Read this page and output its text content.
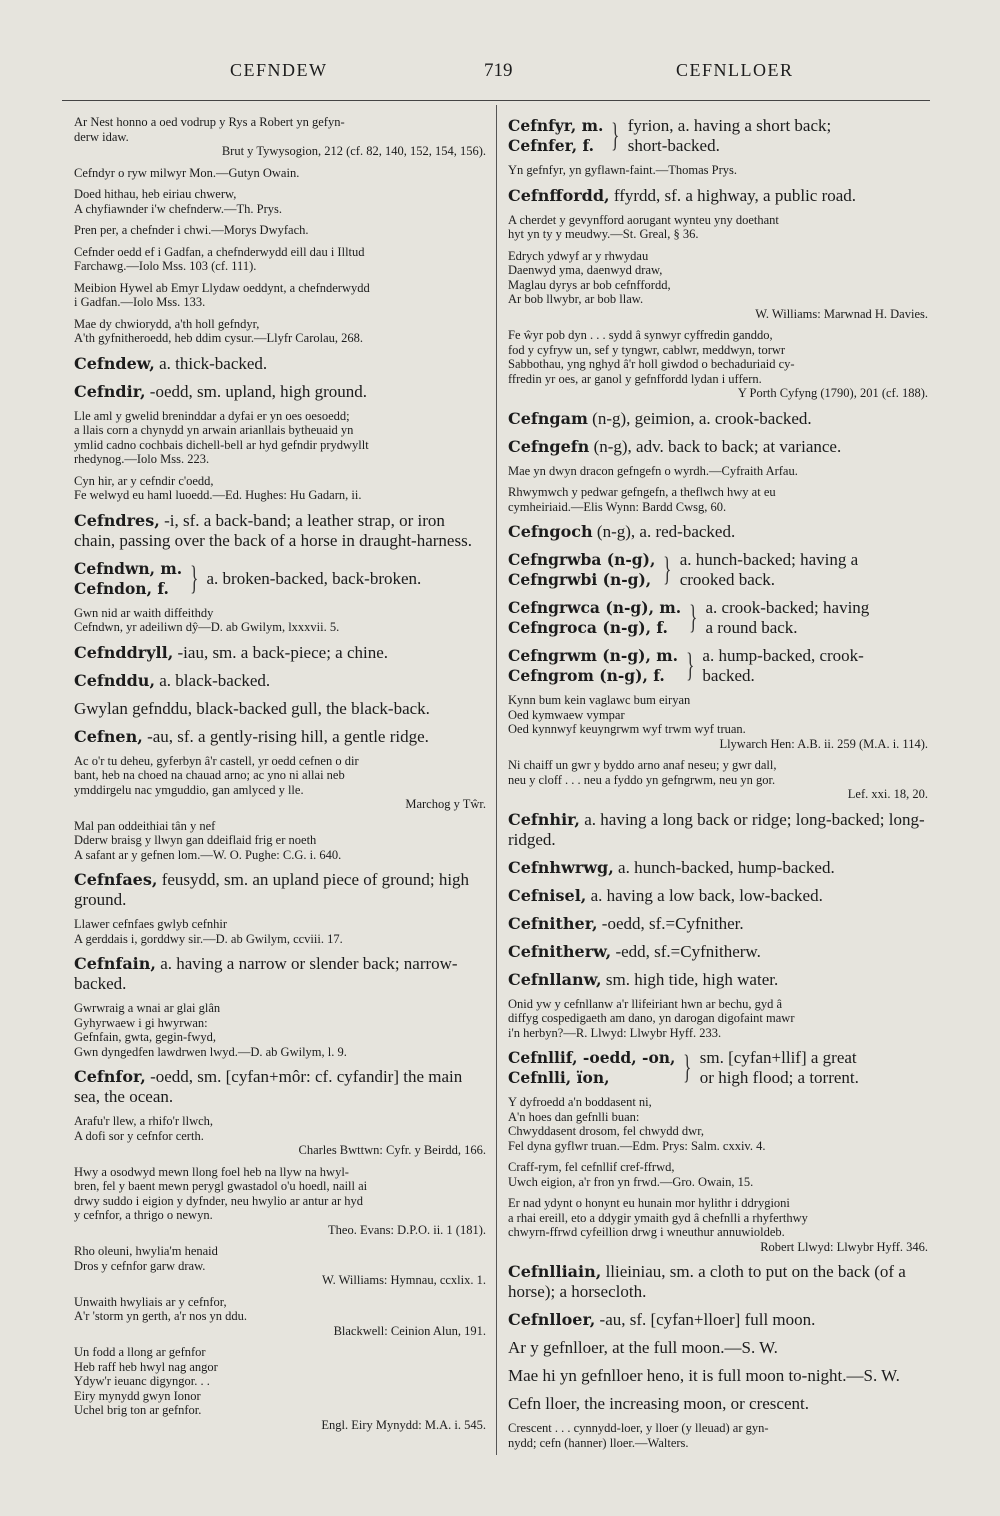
CEFNDEW	719	CEFNLLOER
Ar Nest honno a oed vodrup y Rys a Robert yn gefyn-
derw idaw.
Brut y Tywysogion, 212 (cf. 82, 140, 152, 154, 156).
Cefndyr o ryw milwyr Mon.—Gutyn Owain.
Doed hithau, heb eiriau chwerw,
A chyfiawnder i'w chefnderw.—Th. Prys.
Pren per, a chefnder i chwi.—Morys Dwyfach.
Cefnder oedd ef i Gadfan, a chefnderwydd eill dau i Illtud
Farchawg.—Iolo Mss. 103 (cf. 111).
Meibion Hywel ab Emyr Llydaw oeddynt, a chefnderwydd
i Gadfan.—Iolo Mss. 133.
Mae dy chwiorydd, a'th holl gefndyr,
A'th gyfnitheroedd, heb ddim cysur.—Llyfr Carolau, 268.
Cefndew, a. thick-backed.
Cefndir, -oedd, sm. upland, high ground.
Lle aml y gwelid breninddar a dyfai er yn oes oesoedd;
a llais corn a chynydd yn arwain arianllais bytheuaid yn
ymlid cadno cochbais dichell-bell ar hyd gefndir prydwyllt
rhedynog.—Iolo Mss. 223.
Cyn hir, ar y cefndir c'oedd,
Fe welwyd eu haml luoedd.—Ed. Hughes: Hu Gadarn, ii.
Cefndres, -i, sf. a back-band; a leather strap, or iron chain, passing over the back of a horse in draught-harness.
Cefndwn, m.
Cefndon, f. } a. broken-backed, back-broken.
Gwn nid ar waith diffeithdy
Cefndwn, yr adeiliwn dŷ—D. ab Gwilym, lxxxvii. 5.
Cefnddryll, -iau, sm. a back-piece; a chine.
Cefnddu, a. black-backed.
Gwylan gefnddu, black-backed gull, the black-back.
Cefnen, -au, sf. a gently-rising hill, a gentle ridge.
Ac o'r tu deheu, gyferbyn â'r castell, yr oedd cefnen o dir
bant, heb na choed na chauad arno; ac yno ni allai neb
ymddirgelu nac ymguddio, gan amlyced y lle.
Marchog y Tŵr.
Mal pan oddeithiai tân y nef
Dderw braisg y llwyn gan ddeiflaid frig er noeth
A safant ar y gefnen lom.—W. O. Pughe: C.G. i. 640.
Cefnfaes, feusydd, sm. an upland piece of ground; high ground.
Llawer cefnfaes gwlyb cefnhir
A gerddais i, gorddwy sir.—D. ab Gwilym, ccviii. 17.
Cefnfain, a. having a narrow or slender back; narrow-backed.
Gwrwraig a wnai ar glai glân
Gyhyrwaew i gi hwyrwan:
Gefnfain, gwta, gegin-fwyd,
Gwn dyngedfen lawdrwen lwyd.—D. ab Gwilym, l. 9.
Cefnfor, -oedd, sm. [cyfan+môr: cf. cyfandir] the main sea, the ocean.
Arafu'r llew, a rhifo'r llwch,
A dofi sor y cefnfor certh.
Charles Bwttwn: Cyfr. y Beirdd, 166.
Hwy a osodwyd mewn llong foel heb na llyw na hwyl-
bren, fel y baent mewn perygl gwastadol o'u hoedl, naill ai
drwy suddo i eigion y dyfnder, neu hwylio ar antur ar hyd
y cefnfor, a thrigo o newyn.
Theo. Evans: D.P.O. ii. 1 (181).
Rho oleuni, hwylia'm henaid
Dros y cefnfor garw draw.
W. Williams: Hymnau, ccxlix. 1.
Unwaith hwyliais ar y cefnfor,
A'r 'storm yn gerth, a'r nos yn ddu.
Blackwell: Ceinion Alun, 191.
Un fodd a llong ar gefnfor
Heb raff heb hwyl nag angor
Ydyw'r ieuanc digyngor. . .
Eiry mynydd gwyn Ionor
Uchel brig ton ar gefnfor.
Engl. Eiry Mynydd: M.A. i. 545.
Cefnfyr, m.
Cefnfer, f. } fyrion, a. having a short back;
short-backed.
Yn gefnfyr, yn gyflawn-faint.—Thomas Prys.
Cefnffordd, ffyrdd, sf. a highway, a public road.
A cherdet y gevynfford aorugant wynteu yny doethant
hyt yn ty y meudwy.—St. Greal, § 36.
Edrych ydwyf ar y rhwydau
Daenwyd yma, daenwyd draw,
Maglau dyrys ar bob cefnffordd,
Ar bob llwybr, ar bob llaw.
W. Williams: Marwnad H. Davies.
Fe ŵyr pob dyn . . . sydd â synwyr cyffredin ganddo,
fod y cyfryw un, sef y tyngwr, cablwr, meddwyn, torwr
Sabbothau, yng nghyd â'r holl giwdod o bechaduriaid cy-
ffredin yr oes, ar ganol y gefnffordd lydan i uffern.
Y Porth Cyfyng (1790), 201 (cf. 188).
Cefngam (n-g), geimion, a. crook-backed.
Cefngefn (n-g), adv. back to back; at variance.
Mae yn dwyn dracon gefngefn o wyrdh.—Cyfraith Arfau.
Rhwymwch y pedwar gefngefn, a theflwch hwy at eu
cymheiriaid.—Elis Wynn: Bardd Cwsg, 60.
Cefngoch (n-g), a. red-backed.
Cefngrwba (n-g),
Cefngrwbi (n-g), } a. hunch-backed; having a
crooked back.
Cefngrwca (n-g), m.
Cefngroca (n-g), f. } a. crook-backed; having
a round back.
Cefngrwm (n-g), m.
Cefngrom (n-g), f. } a. hump-backed, crook-
backed.
Kynn bum kein vaglawc bum eiryan
Oed kymwaew vympar
Oed kynnwyf keuyngrwm wyf trwm wyf truan.
Llywarch Hen: A.B. ii. 259 (M.A. i. 114).
Ni chaiff un gwr y byddo arno anaf neseu; y gwr dall,
neu y cloff . . . neu a fyddo yn gefngrwm, neu yn gor.
Lef. xxi. 18, 20.
Cefnhir, a. having a long back or ridge; long-backed; long-ridged.
Cefnhwrwg, a. hunch-backed, hump-backed.
Cefnisel, a. having a low back, low-backed.
Cefnither, -oedd, sf.=Cyfnither.
Cefnitherw, -edd, sf.=Cyfnitherw.
Cefnllanw, sm. high tide, high water.
Onid yw y cefnllanw a'r llifeiriant hwn ar bechu, gyd â
diffyg cospedigaeth am dano, yn darogan digofaint mawr
i'n herbyn?—R. Llwyd: Llwybr Hyff. 233.
Cefnllif, -oedd, -on,
Cefnlli, ïon,	} sm. [cyfan+llif] a great
or high flood; a torrent.
Y dyfroedd a'n boddasent ni,
A'n hoes dan gefnlli buan:
Chwyddasent drosom, fel chwydd dwr,
Fel dyna gyflwr truan.—Edm. Prys: Salm. cxxiv. 4.
Craff-rym, fel cefnllif cref-ffrwd,
Uwch eigion, a'r fron yn frwd.—Gro. Owain, 15.
Er nad ydynt o honynt eu hunain mor hylithr i ddrygioni
a rhai ereill, eto a ddygir ymaith gyd â chefnlli a rhyferthwy
chwyrn-ffrwd cyfeillion drwg i wneuthur annuwioldeb.
Robert Llwyd: Llwybr Hyff. 346.
Cefnlliain, llieiniau, sm. a cloth to put on the back (of a horse); a horsecloth.
Cefnlloer, -au, sf. [cyfan+lloer] full moon.
Ar y gefnlloer, at the full moon.—S. W.
Mae hi yn gefnlloer heno, it is full moon to-night.—S. W.
Cefn lloer, the increasing moon, or crescent.
Crescent . . . cynnydd-loer, y lloer (y lleuad) ar gyn-
nydd; cefn (hanner) lloer.—Walters.
